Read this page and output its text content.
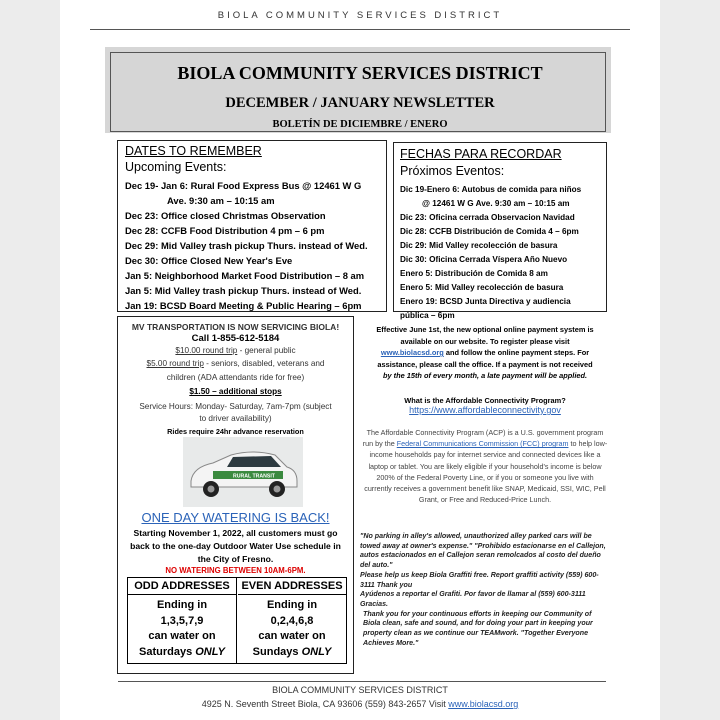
BIOLA COMMUNITY SERVICES DISTRICT
BIOLA COMMUNITY SERVICES DISTRICT
DECEMBER / JANUARY NEWSLETTER
BOLETÍN DE DICIEMBRE / ENERO
DATES TO REMEMBER
Upcoming Events:
Dec 19- Jan 6: Rural Food Express Bus @ 12461 W G
Ave. 9:30 am – 10:15 am
Dec 23: Office closed Christmas Observation
Dec 28: CCFB Food Distribution 4 pm – 6 pm
Dec 29: Mid Valley trash pickup Thurs. instead of Wed.
Dec 30: Office Closed New Year's Eve
Jan 5: Neighborhood Market Food Distribution – 8 am
Jan 5: Mid Valley trash pickup Thurs. instead of Wed.
Jan 19: BCSD Board Meeting & Public Hearing – 6pm
FECHAS PARA RECORDAR
Próximos Eventos:
Dic 19-Enero 6: Autobus de comida para niños
@ 12461 W G Ave. 9:30 am – 10:15 am
Dic 23: Oficina cerrada Observacion Navidad
Dic 28: CCFB Distribución de Comida 4 – 6pm
Dic 29: Mid Valley recolección de basura
Dic 30: Oficina Cerrada Víspera Año Nuevo
Enero 5: Distribución de Comida 8 am
Enero 5: Mid Valley recolección de basura
Enero 19: BCSD Junta Directiva y audiencia
pública – 6pm
MV TRANSPORTATION IS NOW SERVICING BIOLA!
Call 1-855-612-5184
$10.00 round trip - general public
$5.00 round trip - seniors, disabled, veterans and
children (ADA attendants ride for free)
$1.50 – additional stops
Service Hours: Monday- Saturday, 7am-7pm (subject
to driver availability)
Rides require 24hr advance reservation
RURAL TRANSIT
ONE DAY WATERING IS BACK!
Starting November 1, 2022, all customers must go back to the one-day Outdoor Water Use schedule in the City of Fresno.
NO WATERING BETWEEN 10AM-6PM.
ODD ADDRESSES
Ending in
1,3,5,7,9
can water on
Saturdays ONLY
EVEN ADDRESSES
Ending in
0,2,4,6,8
can water on
Sundays ONLY
Effective June 1st, the new optional online payment system is
available on our website. To register please visit
www.biolacsd.org and follow the online payment steps. For
assistance, please call the office. If a payment is not received
by the 15th of every month, a late payment will be applied.
What is the Affordable Connectivity Program?
https://www.affordableconnectivity.gov
The Affordable Connectivity Program (ACP) is a U.S. government program run by the Federal Communications Commission (FCC) program to help low-income households pay for internet service and connected devices like a laptop or tablet. You are likely eligible if your household's income is below 200% of the Federal Poverty Line, or if you or someone you live with currently receives a government benefit like SNAP, Medicaid, SSI, WIC, Pell Grant, or Free and Reduced-Price Lunch.
"No parking in alley's allowed, unauthorized alley parked cars will be towed away at owner's expense." "Prohibido estacionarse en el Callejon, autos estacionados en el Callejon seran remolcados al costo del dueño del auto."
Please help us keep Biola Graffiti free. Report graffiti activity (559) 600-3111 Thank you
Ayúdenos a reportar el Grafiti. Por favor de llamar al (559) 600-3111 Gracias.
Thank you for your continuous efforts in keeping our Community of Biola clean, safe and sound, and for doing your part in keeping your property clean as we continue our TEAMwork. "Together Everyone Achieves More."
BIOLA COMMUNITY SERVICES DISTRICT
4925 N. Seventh Street Biola, CA 93606 (559) 843-2657 Visit www.biolacsd.org
